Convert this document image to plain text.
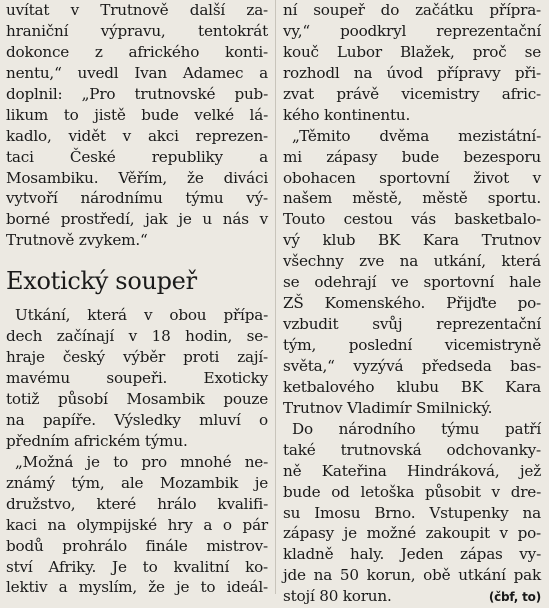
uvítat v Trutnově další za-
hraniční výpravu, tentokrát
dokonce z afrického konti-
nentu,“ uvedl Ivan Adamec a
doplnil: „Pro trutnovské pub-
likum to jistě bude velké lá-
kadlo, vidět v akci reprezen-
taci České republiky a
Mosambiku. Věřím, že diváci
vytvoří národnímu týmu vý-
borné prostředí, jak je u nás v
Trutnově zvykem.“
Exotický soupeř
Utkání, která v obou přípa-
dech začínají v 18 hodin, se-
hraje český výběr proti zají-
mavému soupeři. Exoticky
totiž působí Mosambik pouze
na papíře. Výsledky mluví o
předním africkém týmu.
„Možná je to pro mnohé ne-
známý tým, ale Mozambik je
družstvo, které hrálo kvalifi-
kaci na olympijské hry a o pár
bodů prohrálo finále mistrov-
ství Afriky. Je to kvalitní ko-
lektiv a myslím, že je to ideál-
ní soupeř do začátku přípra-
vy,“ poodkryl reprezentační
kouč Lubor Blažek, proč se
rozhodl na úvod přípravy při-
zvat právě vicemistry afric-
kého kontinentu.
„Těmito dvěma mezistátní-
mi zápasy bude bezesporu
obohacen sportovní život v
našem městě, městě sportu.
Touto cestou vás basketbalo-
vý klub BK Kara Trutnov
všechny zve na utkání, která
se odehrají ve sportovní hale
ZŠ Komenského. Přijďte po-
vzbudit svůj reprezentační
tým, poslední vicemistryně
světa,“ vyzývá předseda bas-
ketbalového klubu BK Kara
Trutnov Vladimír Smilnický.
Do národního týmu patří
také trutnovská odchovanky-
ně Kateřina Hindráková, jež
bude od letoška působit v dre-
su Imosu Brno. Vstupenky na
zápasy je možné zakoupit v po-
kladně haly. Jeden zápas vy-
jde na 50 korun, obě utkání pak
stojí 80 korun.	(čbf, to)
